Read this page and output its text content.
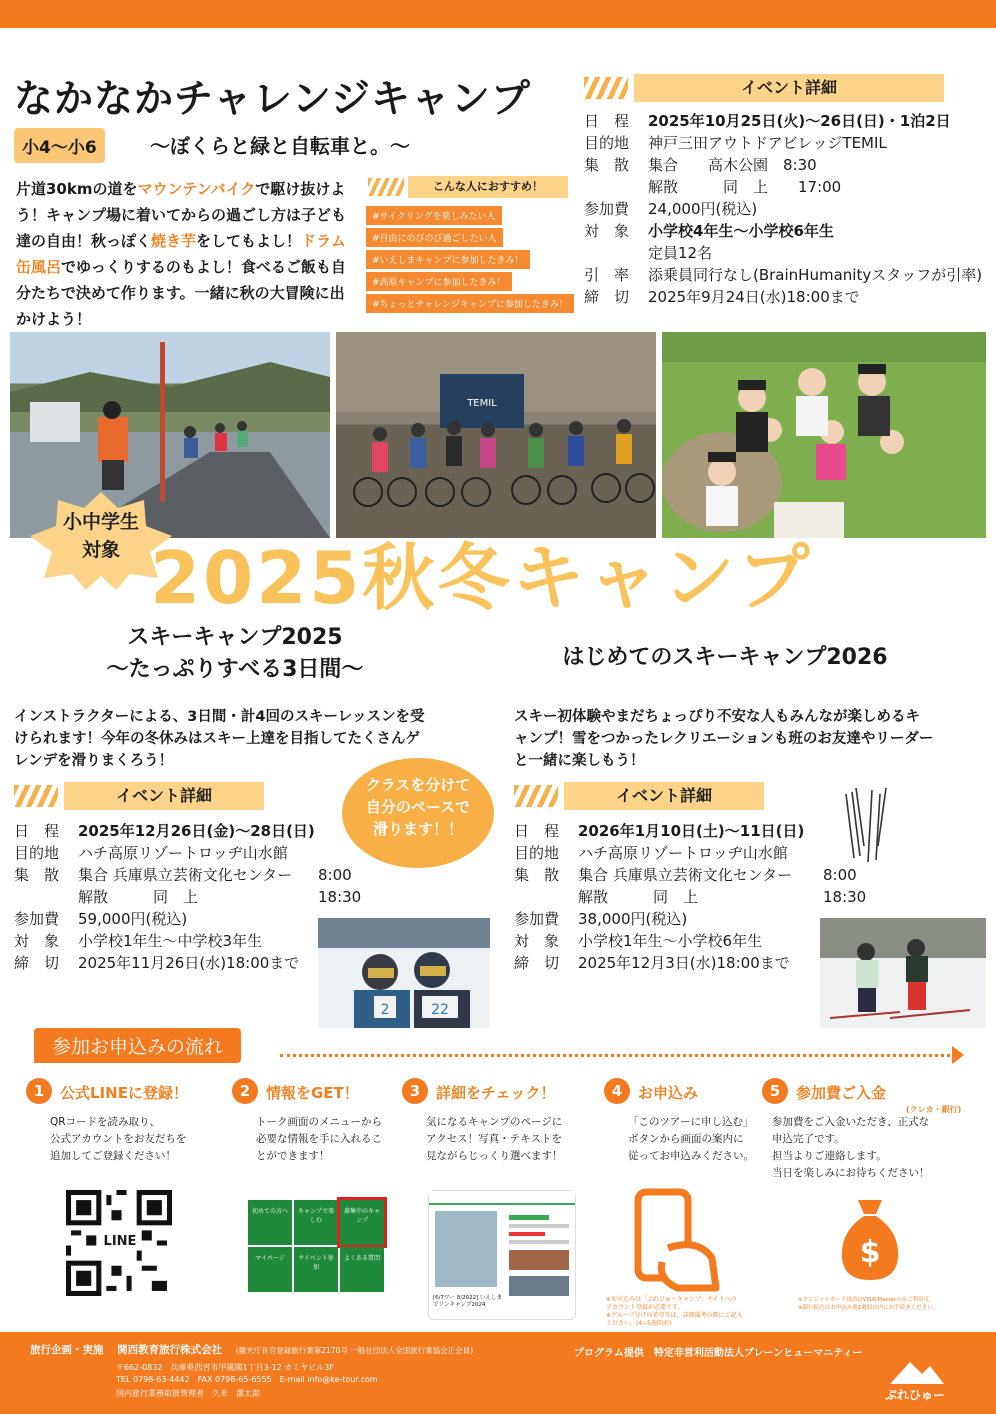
なかなかチャレンジキャンプ
小4〜小6	〜ぼくらと緑と自転車と。〜
片道30kmの道をマウンテンバイクで駆け抜けよう！キャンプ場に着いてからの過ごし方は子ども達の自由！秋っぽく焼き芋をしてもよし！ドラム缶風呂でゆっくりするのもよし！食べるご飯も自分たちで決めて作ります。一緒に秋の大冒険に出かけよう！
こんな人におすすめ！
#サイクリングを楽しみたい人
#自由にのびのび過ごしたい人
#いえしまキャンプに参加したきみ！
#高原キャンプに参加したきみ！
#ちょっとチャレンジキャンプに参加したきみ！
イベント詳細
日　程	2025年10月25日(火)〜26日(日)・1泊2日
目的地	神戸三田アウトドアビレッジTEMIL
集　散	集合　　高木公園　8:30
解散　　　同　上　　17:00
参加費	24,000円(税込)
対　象	小学校4年生〜小学校6年生
定員12名
引　率	添乗員同行なし(BrainHumanityスタッフが引率)
締　切	2025年9月24日(水)18:00まで
TEMIL
小中学生
対象 2025秋冬キャンプ
スキーキャンプ2025
〜たっぷりすべる3日間〜
インストラクターによる、3日間・計4回のスキーレッスンを受けられます！今年の冬休みはスキー上達を目指してたくさんゲレンデを滑りまくろう！
クラスを分けて
自分のペースで
滑ります！！
イベント詳細
日　程	2025年12月26日(金)〜28日(日)
目的地	ハチ高原リゾートロッヂ山水館
集　散	集合 兵庫県立芸術文化センター	8:00
解散　　　同　上	18:30
参加費	59,000円(税込)
対　象	小学校1年生〜中学校3年生
締　切	2025年11月26日(水)18:00まで
2	22
はじめてのスキーキャンプ2026
スキー初体験やまだちょっぴり不安な人もみんなが楽しめるキャンプ！雪をつかったレクリエーションも班のお友達やリーダーと一緒に楽しもう！
イベント詳細
日　程	2026年1月10日(土)〜11日(日)
目的地	ハチ高原リゾートロッヂ山水館
集　散	集合 兵庫県立芸術文化センター	8:00
解散　　　同　上	18:30
参加費	38,000円(税込)
対　象	小学校1年生〜小学校6年生
締　切	2025年12月3日(水)18:00まで
参加お申込みの流れ
1	公式LINEに登録！
QRコードを読み取り、
公式アカウントをお友だちを
追加してご登録ください！
2	情報をGET！
トーク画面のメニューから
必要な情報を手に入れるこ
とができます！
3	詳細をチェック！
気になるキャンプのページに
アクセス！写真・テキストを
見ながらじっくり選べます！
4	お申込み
「このツアーに申し込む」
ボタンから画面の案内に
従ってお申込みください。
5	参加費ご入金
参加費をご入金いただき、正式な
申込完了です。
担当よりご連絡します。
当日を楽しみにお待ちください！
(クレカ・銀行)
LINE
初めての方へ	キャンプで楽しむ
募集中のキャンプ
マイページ	サイベント参加
よくある質問
[6/7ワー 8/2022] いえしまでリンキャンプ2024
※お申込みは「ぷれひゅーキャンプ」サイトへの
アカウント登録が必要です。
※グループ分けの希望等は、詳細備考の際にご記入
ください。(4~5週間前)
$
※クレジットカード決済はVISA/Masterのみご利用可。
※銀行振込はお申込み後1週間以内にお手続きください。
旅行企画・実施 関西教育旅行株式会社 (観光庁長官登録旅行業第2170号 一般社団法人全国旅行業協会正会員)
〒662-0832　兵庫県西宮市甲風園1丁目3-12 カミヤビル3F
TEL 0798-63-4442　FAX 0798-65-6555　E-mail info@ke-tour.com
国内旅行業務取扱管理者　久米　潔太郎
プログラム提供　特定非営利活動法人ブレーンヒューマニティー
ぷれひゅー
